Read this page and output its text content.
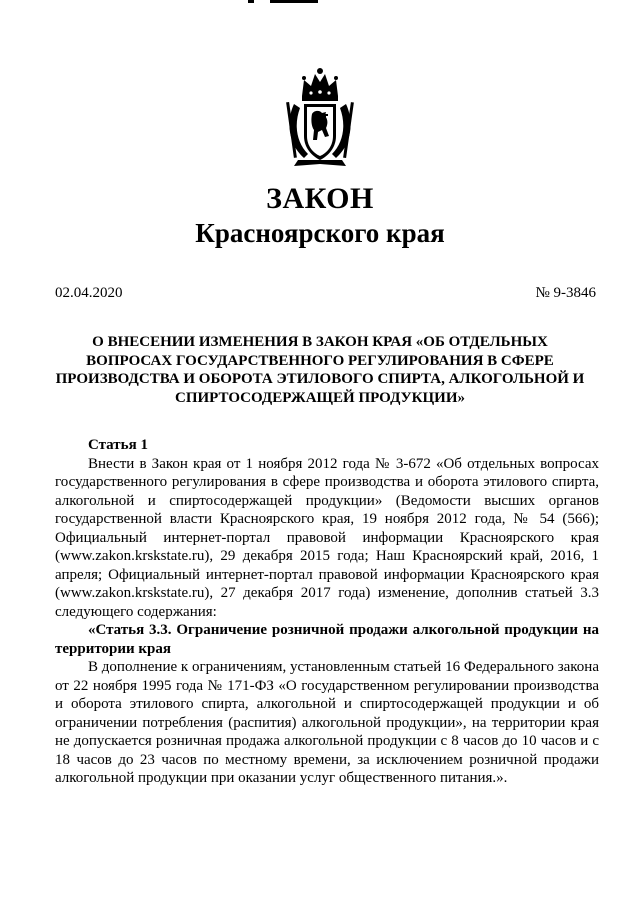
ЗАКОН
Красноярского края
02.04.2020	№ 9-3846
О ВНЕСЕНИИ ИЗМЕНЕНИЯ В ЗАКОН КРАЯ «ОБ ОТДЕЛЬНЫХ ВОПРОСАХ ГОСУДАРСТВЕННОГО РЕГУЛИРОВАНИЯ В СФЕРЕ ПРОИЗВОДСТВА И ОБОРОТА ЭТИЛОВОГО СПИРТА, АЛКОГОЛЬНОЙ И СПИРТОСОДЕРЖАЩЕЙ ПРОДУКЦИИ»
Статья 1

Внести в Закон края от 1 ноября 2012 года № 3-672 «Об отдельных вопросах государственного регулирования в сфере производства и оборота этилового спирта, алкогольной и спиртосодержащей продукции» (Ведомости высших органов государственной власти Красноярского края, 19 ноября 2012 года, № 54 (566); Официальный интернет-портал правовой информации Красноярского края (www.zakon.krskstate.ru), 29 декабря 2015 года; Наш Красноярский край, 2016, 1 апреля; Официальный интернет-портал правовой информации Красноярского края (www.zakon.krskstate.ru), 27 декабря 2017 года) изменение, дополнив статьей 3.3 следующего содержания:

«Статья 3.3. Ограничение розничной продажи алкогольной продукции на территории края

В дополнение к ограничениям, установленным статьей 16 Федерального закона от 22 ноября 1995 года № 171-ФЗ «О государственном регулировании производства и оборота этилового спирта, алкогольной и спиртосодержащей продукции и об ограничении потребления (распития) алкогольной продукции», на территории края не допускается розничная продажа алкогольной продукции с 8 часов до 10 часов и с 18 часов до 23 часов по местному времени, за исключением розничной продажи алкогольной продукции при оказании услуг общественного питания.».
